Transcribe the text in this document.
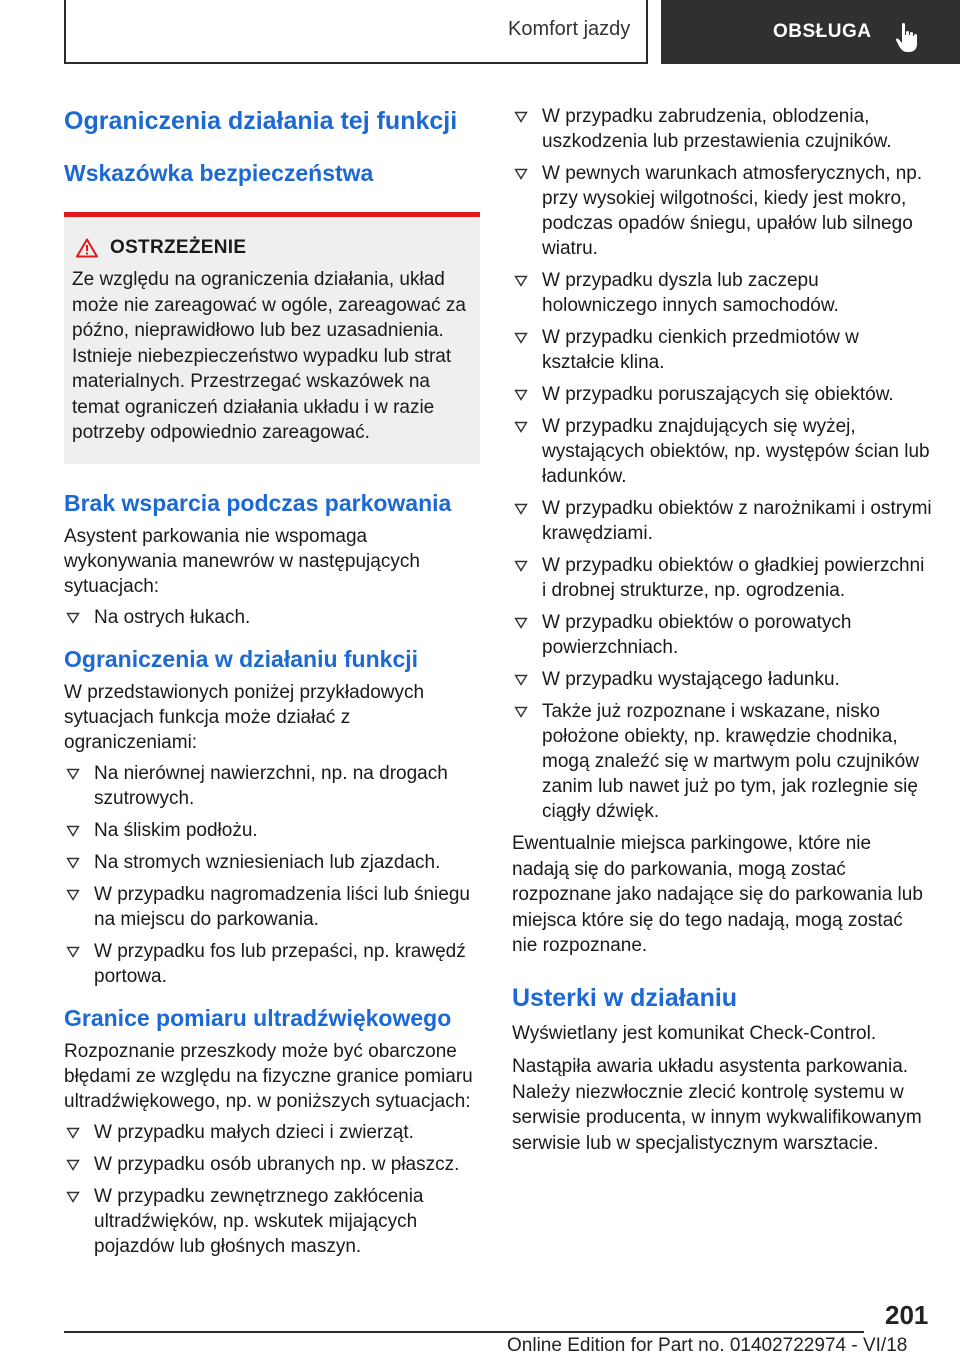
Komfort jazdy	OBSŁUGA
Ograniczenia działania tej funkcji
Wskazówka bezpieczeństwa
OSTRZEŻENIE

Ze względu na ograniczenia działania, układ może nie zareagować w ogóle, zareagować za późno, nieprawidłowo lub bez uzasadnienia. Istnieje niebezpieczeństwo wypadku lub strat materialnych. Przestrzegać wskazówek na temat ograniczeń działania układu i w razie potrzeby odpowiednio zareagować.

Brak wsparcia podczas parkowania

Asystent parkowania nie wspomaga wykonywania manewrów w następujących sytuacjach:

Na ostrych łukach.
Ograniczenia w działaniu funkcji

W przedstawionych poniżej przykładowych sytuacjach funkcja może działać z ograniczeniami:

Na nierównej nawierzchni, np. na drogach szutrowych.
Na śliskim podłożu.
Na stromych wzniesieniach lub zjazdach.
W przypadku nagromadzenia liści lub śniegu na miejscu do parkowania.
W przypadku fos lub przepaści, np. krawędź portowa.
Granice pomiaru ultradźwiękowego

Rozpoznanie przeszkody może być obarczone błędami ze względu na fizyczne granice pomiaru ultradźwiękowego, np. w poniższych sytuacjach:

W przypadku małych dzieci i zwierząt.
W przypadku osób ubranych np. w płaszcz.
W przypadku zewnętrznego zakłócenia ultradźwięków, np. wskutek mijających pojazdów lub głośnych maszyn.
W przypadku zabrudzenia, oblodzenia, uszkodzenia lub przestawienia czujników.
W pewnych warunkach atmosferycznych, np. przy wysokiej wilgotności, kiedy jest mokro, podczas opadów śniegu, upałów lub silnego wiatru.
W przypadku dyszla lub zaczepu holowniczego innych samochodów.
W przypadku cienkich przedmiotów w kształcie klina.
W przypadku poruszających się obiektów.
W przypadku znajdujących się wyżej, wystających obiektów, np. występów ścian lub ładunków.
W przypadku obiektów z narożnikami i ostrymi krawędziami.
W przypadku obiektów o gładkiej powierzchni i drobnej strukturze, np. ogrodzenia.
W przypadku obiektów o porowatych powierzchniach.
W przypadku wystającego ładunku.
Także już rozpoznane i wskazane, nisko położone obiekty, np. krawędzie chodnika, mogą znaleźć się w martwym polu czujników zanim lub nawet już po tym, jak rozlegnie się ciągły dźwięk.

Ewentualnie miejsca parkingowe, które nie nadają się do parkowania, mogą zostać rozpoznane jako nadające się do parkowania lub miejsca które się do tego nadają, mogą zostać nie rozpoznane.

Usterki w działaniu

Wyświetlany jest komunikat Check-Control.

Nastąpiła awaria układu asystenta parkowania. Należy niezwłocznie zlecić kontrolę systemu w serwisie producenta, w innym wykwalifikowanym serwisie lub w specjalistycznym warsztacie.

201
Online Edition for Part no. 01402722974 - VI/18
